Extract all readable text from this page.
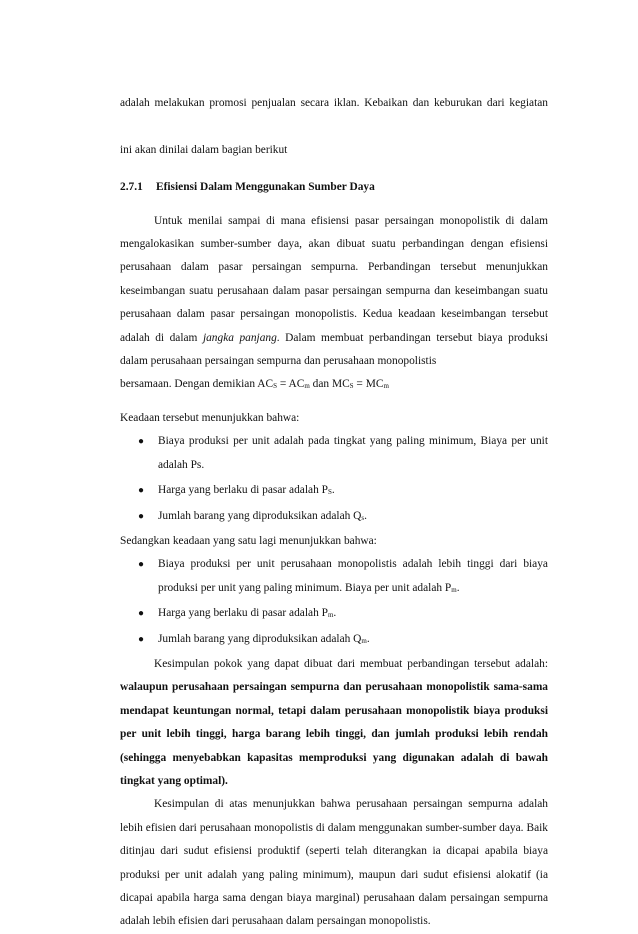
adalah melakukan promosi penjualan secara iklan. Kebaikan dan keburukan dari kegiatan

ini akan dinilai dalam bagian berikut

2.7.1	Efisiensi Dalam Menggunakan Sumber Daya

Untuk menilai sampai di mana efisiensi pasar persaingan monopolistik di dalam mengalokasikan sumber-sumber daya, akan dibuat suatu perbandingan dengan efisiensi perusahaan dalam pasar persaingan sempurna. Perbandingan tersebut menunjukkan keseimbangan suatu perusahaan dalam pasar persaingan sempurna dan keseimbangan suatu perusahaan dalam pasar persaingan monopolistis. Kedua keadaan keseimbangan tersebut adalah di dalam jangka panjang. Dalam membuat perbandingan tersebut biaya produksi dalam perusahaan persaingan sempurna dan perusahaan monopolistis

bersamaan. Dengan demikian $AC_S = AC_m$ dan $MC_S = MC_m$

Keadaan tersebut menunjukkan bahwa:

● Biaya produksi per unit adalah pada tingkat yang paling minimum, Biaya per unit adalah Ps.
● Harga yang berlaku di pasar adalah $P_S$.
● Jumlah barang yang diproduksikan adalah $Q_s$.

Sedangkan keadaan yang satu lagi menunjukkan bahwa:

● Biaya produksi per unit perusahaan monopolistis adalah lebih tinggi dari biaya produksi per unit yang paling minimum. Biaya per unit adalah $P_m$.
● Harga yang berlaku di pasar adalah $P_m$.
● Jumlah barang yang diproduksikan adalah $Q_m$.

Kesimpulan pokok yang dapat dibuat dari membuat perbandingan tersebut adalah: walaupun perusahaan persaingan sempurna dan perusahaan monopolistik sama-sama mendapat keuntungan normal, tetapi dalam perusahaan monopolistik biaya produksi per unit lebih tinggi, harga barang lebih tinggi, dan jumlah produksi lebih rendah (sehingga menyebabkan kapasitas memproduksi yang digunakan adalah di bawah tingkat yang optimal).

Kesimpulan di atas menunjukkan bahwa perusahaan persaingan sempurna adalah lebih efisien dari perusahaan monopolistis di dalam menggunakan sumber-sumber daya. Baik ditinjau dari sudut efisiensi produktif (seperti telah diterangkan ia dicapai apabila biaya produksi per unit adalah yang paling minimum), maupun dari sudut efisiensi alokatif (ia dicapai apabila harga sama dengan biaya marginal) perusahaan dalam persaingan sempurna adalah lebih efisien dari perusahaan dalam persaingan monopolistis.
